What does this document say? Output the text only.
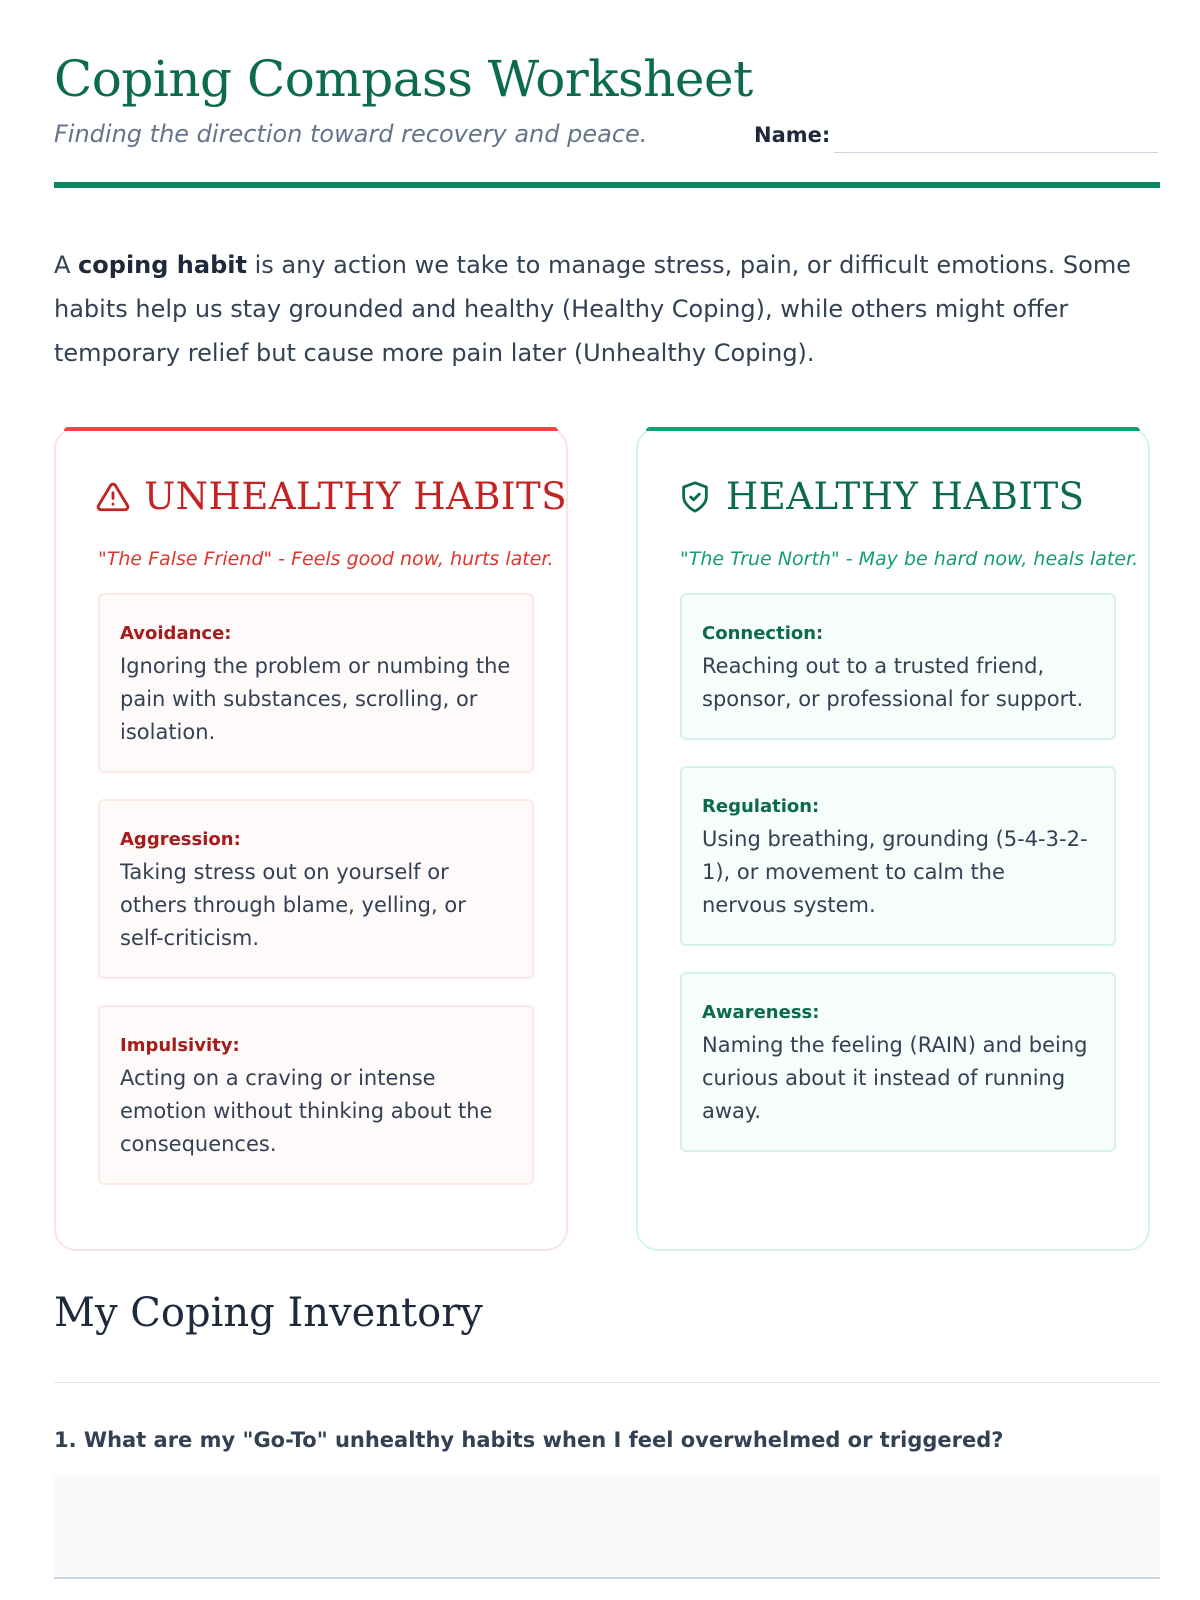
Coping Compass Worksheet
Finding the direction toward recovery and peace.	Name:

A coping habit is any action we take to manage stress, pain, or difficult emotions. Some habits help us stay grounded and healthy (Healthy Coping), while others might offer temporary relief but cause more pain later (Unhealthy Coping).

UNHEALTHY HABITS
"The False Friend" - Feels good now, hurts later.
Avoidance:
Ignoring the problem or numbing the pain with substances, scrolling, or isolation.
Aggression:
Taking stress out on yourself or others through blame, yelling, or self-criticism.
Impulsivity:
Acting on a craving or intense emotion without thinking about the consequences.
HEALTHY HABITS
"The True North" - May be hard now, heals later.
Connection:
Reaching out to a trusted friend, sponsor, or professional for support.
Regulation:
Using breathing, grounding (5-4-3-2-1), or movement to calm the nervous system.
Awareness:
Naming the feeling (RAIN) and being curious about it instead of running away.
My Coping Inventory
1. What are my "Go-To" unhealthy habits when I feel overwhelmed or triggered?
